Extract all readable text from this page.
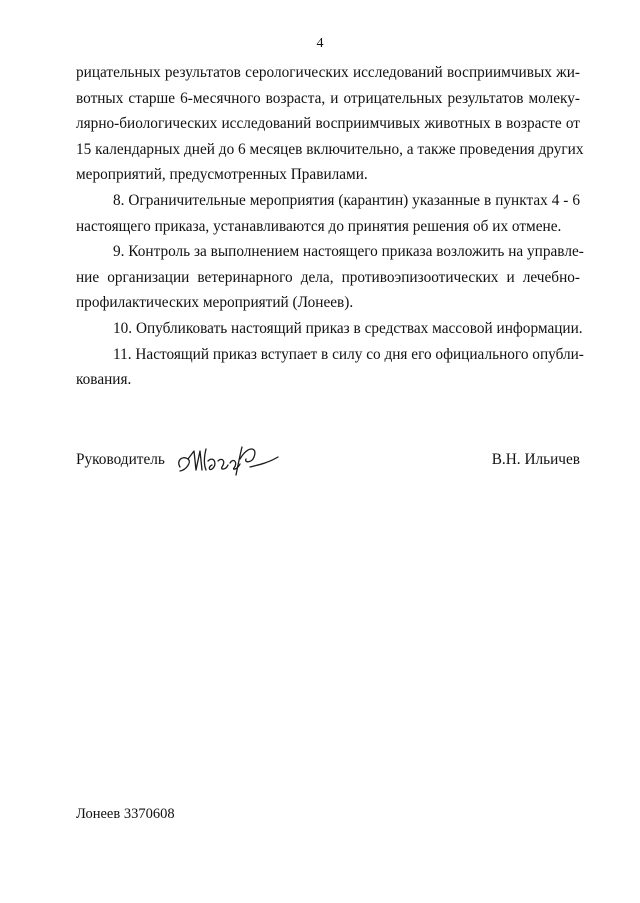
4

рицательных результатов серологических исследований восприимчивых жи-
вотных старше 6-месячного возраста, и отрицательных результатов молеку-
лярно-биологических исследований восприимчивых животных в возрасте от
15 календарных дней до 6 месяцев включительно, а также проведения других
мероприятий, предусмотренных Правилами.

8. Ограничительные мероприятия (карантин) указанные в пунктах 4 - 6
настоящего приказа, устанавливаются до принятия решения об их отмене.

9. Контроль за выполнением настоящего приказа возложить на управле-
ние организации ветеринарного дела, противоэпизоотических и лечебно-
профилактических мероприятий (Лонеев).

10. Опубликовать настоящий приказ в средствах массовой информации.

11. Настоящий приказ вступает в силу со дня его официального опубли-
кования.

Руководитель	В.Н. Ильичев
Лонеев 3370608
